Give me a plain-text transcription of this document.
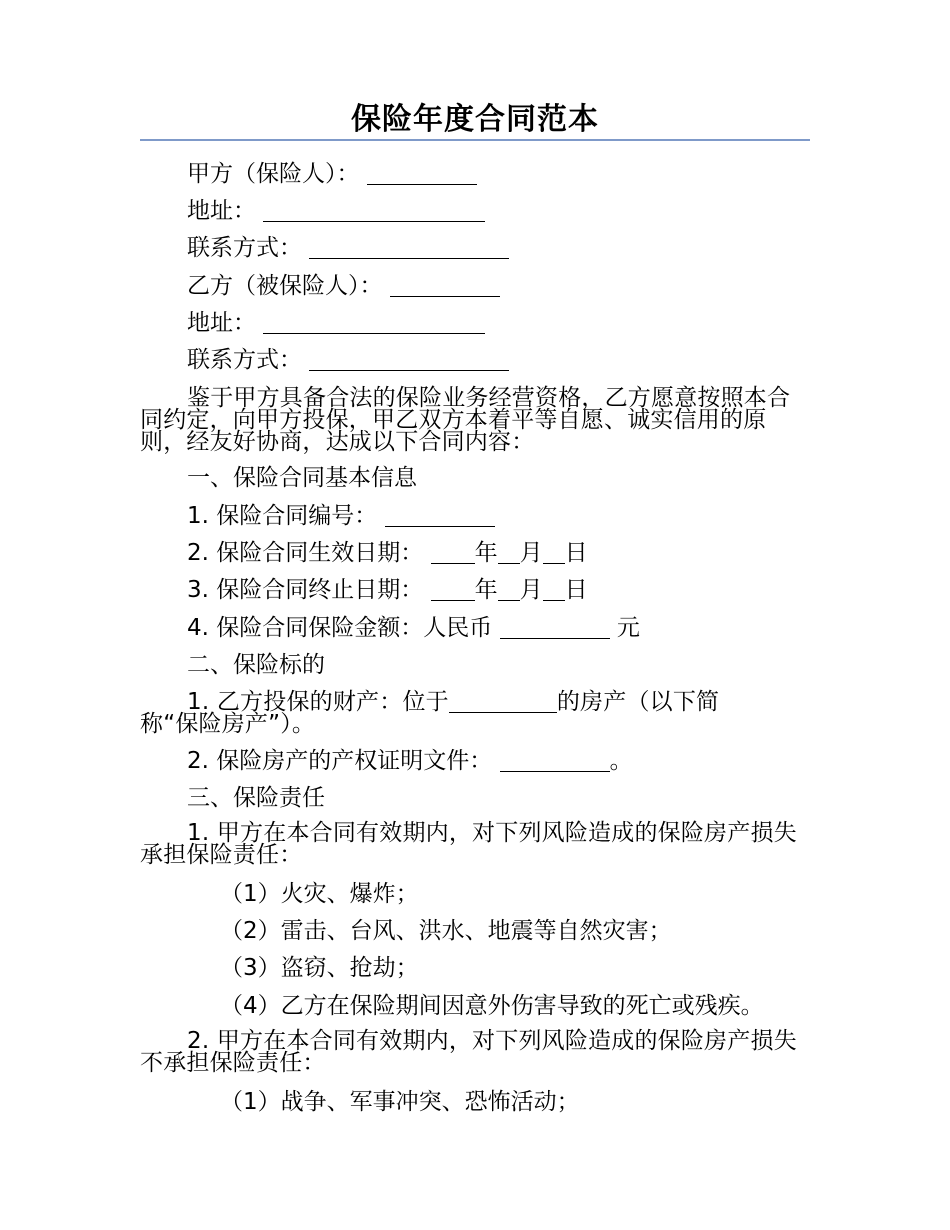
保险年度合同范本

甲方（保险人）：

地址：

联系方式：

乙方（被保险人）：

地址：

联系方式：

鉴于甲方具备合法的保险业务经营资格，乙方愿意按照本合同约定，向甲方投保，甲乙双方本着平等自愿、诚实信用的原则，经友好协商，达成以下合同内容：

一、保险合同基本信息

1. 保险合同编号：

2. 保险合同生效日期： 年 月 日

3. 保险合同终止日期： 年 月 日

4. 保险合同保险金额：人民币	元

二、保险标的

1. 乙方投保的财产：位于	的房产（以下简称“保险房产”）。

2. 保险房产的产权证明文件：	。

三、保险责任

1. 甲方在本合同有效期内，对下列风险造成的保险房产损失承担保险责任：

（1）火灾、爆炸；

（2）雷击、台风、洪水、地震等自然灾害；

（3）盗窃、抢劫；

（4）乙方在保险期间因意外伤害导致的死亡或残疾。

2. 甲方在本合同有效期内，对下列风险造成的保险房产损失不承担保险责任：

（1）战争、军事冲突、恐怖活动；
